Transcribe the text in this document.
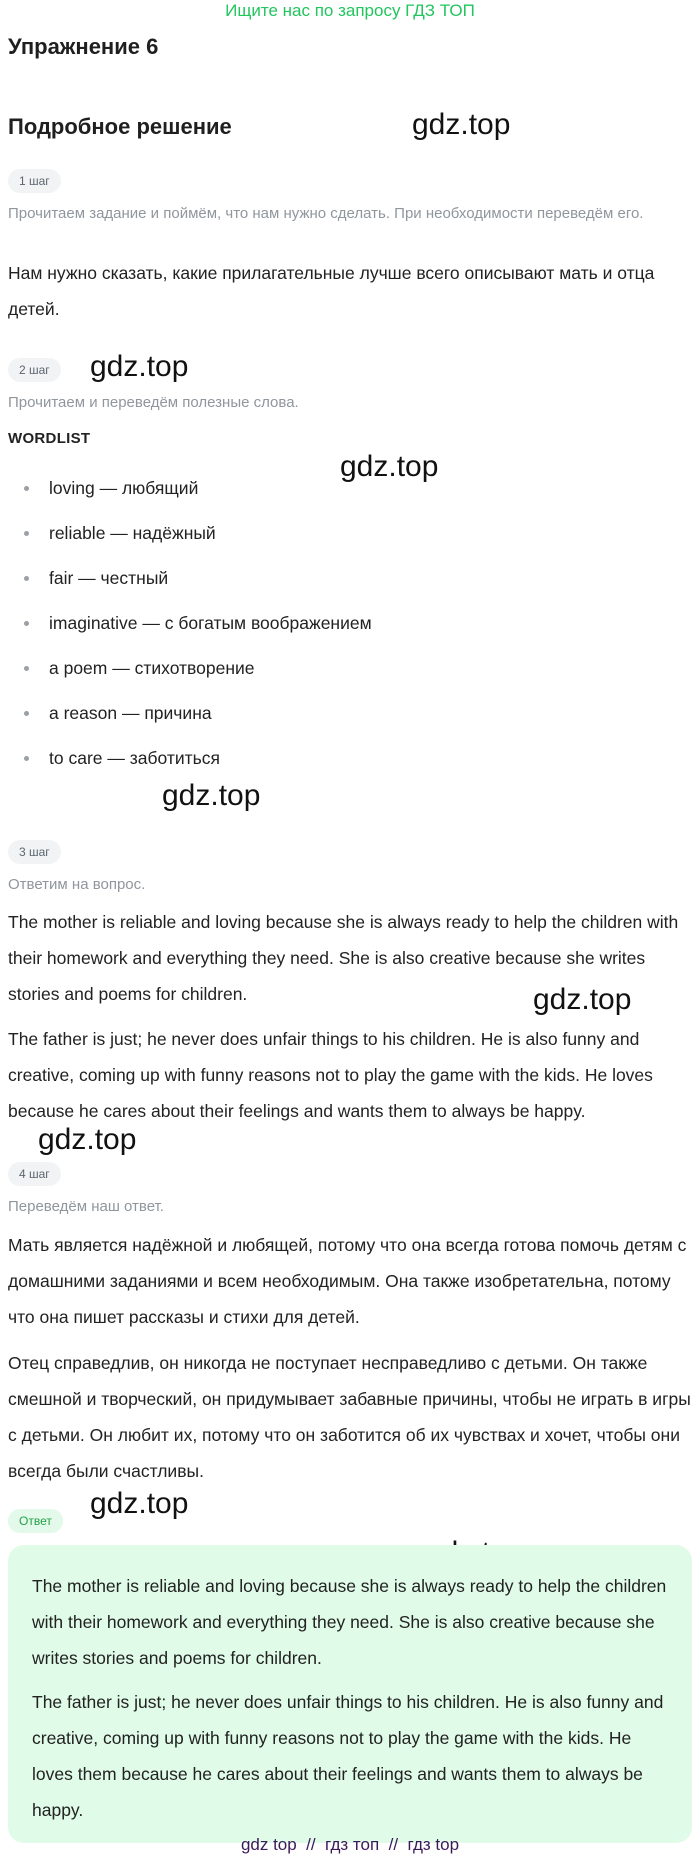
Ищите нас по запросу ГДЗ ТОП
Упражнение 6
Подробное решение	gdz.top
gdz.top
gdz.top
gdz.top
gdz.top
gdz.top
gdz.top
1 шаг
Прочитаем задание и поймём, что нам нужно сделать. При необходимости переведём его.
Нам нужно сказать, какие прилагательные лучше всего описывают мать и отца детей.
2 шаг
Прочитаем и переведём полезные слова.
WORDLIST
loving — любящий
reliable — надёжный
fair — честный
imaginative — с богатым воображением
a poem — стихотворение
a reason — причина
to care — заботиться
3 шаг
Ответим на вопрос.
The mother is reliable and loving because she is always ready to help the children with their homework and everything they need. She is also creative because she writes stories and poems for children.
The father is just; he never does unfair things to his children. He is also funny and creative, coming up with funny reasons not to play the game with the kids. He loves because he cares about their feelings and wants them to always be happy.
4 шаг
Переведём наш ответ.
Мать является надёжной и любящей, потому что она всегда готова помочь детям с домашними заданиями и всем необходимым. Она также изобретательна, потому что она пишет рассказы и стихи для детей.
Отец справедлив, он никогда не поступает несправедливо с детьми. Он также смешной и творческий, он придумывает забавные причины, чтобы не играть в игры с детьми. Он любит их, потому что он заботится об их чувствах и хочет, чтобы они всегда были счастливы.
Ответ
The mother is reliable and loving because she is always ready to help the children with their homework and everything they need. She is also creative because she writes stories and poems for children.
The father is just; he never does unfair things to his children. He is also funny and creative, coming up with funny reasons not to play the game with the kids. He loves them because he cares about their feelings and wants them to always be happy.
gdz top  //  гдз топ  //  гдз top
